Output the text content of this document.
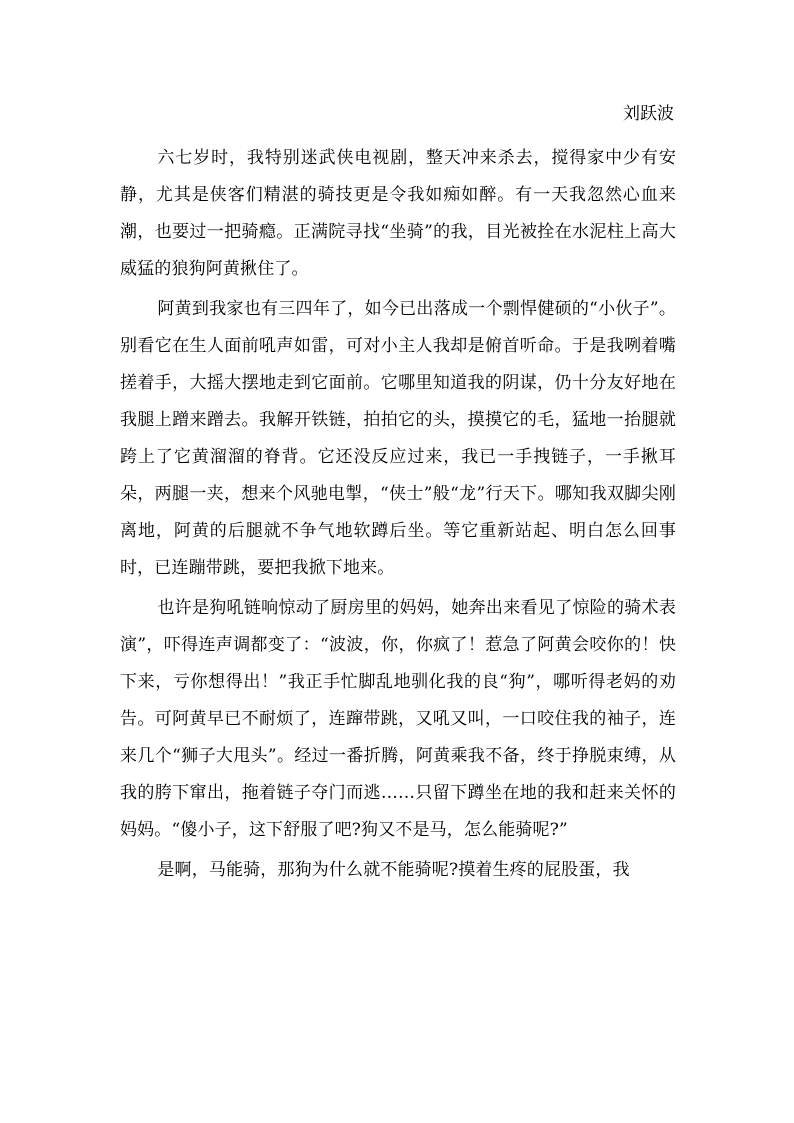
刘跃波

六七岁时，我特别迷武侠电视剧，整天冲来杀去，搅得家中少有安静，尤其是侠客们精湛的骑技更是令我如痴如醉。有一天我忽然心血来潮，也要过一把骑瘾。正满院寻找“坐骑”的我，目光被拴在水泥柱上高大威猛的狼狗阿黄揪住了。

阿黄到我家也有三四年了，如今已出落成一个剽悍健硕的“小伙子”。别看它在生人面前吼声如雷，可对小主人我却是俯首听命。于是我咧着嘴搓着手，大摇大摆地走到它面前。它哪里知道我的阴谋，仍十分友好地在我腿上蹭来蹭去。我解开铁链，拍拍它的头，摸摸它的毛，猛地一抬腿就跨上了它黄溜溜的脊背。它还没反应过来，我已一手拽链子，一手揪耳朵，两腿一夹，想来个风驰电掣，“侠士”般“龙”行天下。哪知我双脚尖刚离地，阿黄的后腿就不争气地软蹲后坐。等它重新站起、明白怎么回事时，已连蹦带跳，要把我掀下地来。

也许是狗吼链响惊动了厨房里的妈妈，她奔出来看见了惊险的骑术表演”，吓得连声调都变了：“波波，你，你疯了！惹急了阿黄会咬你的！快下来，亏你想得出！”我正手忙脚乱地驯化我的良“狗”，哪听得老妈的劝告。可阿黄早已不耐烦了，连蹿带跳，又吼又叫，一口咬住我的袖子，连来几个“狮子大甩头”。经过一番折腾，阿黄乘我不备，终于挣脱束缚，从我的胯下窜出，拖着链子夺门而逃……只留下蹲坐在地的我和赶来关怀的妈妈。“傻小子，这下舒服了吧?狗又不是马，怎么能骑呢?”

是啊，马能骑，那狗为什么就不能骑呢?摸着生疼的屁股蛋，我
